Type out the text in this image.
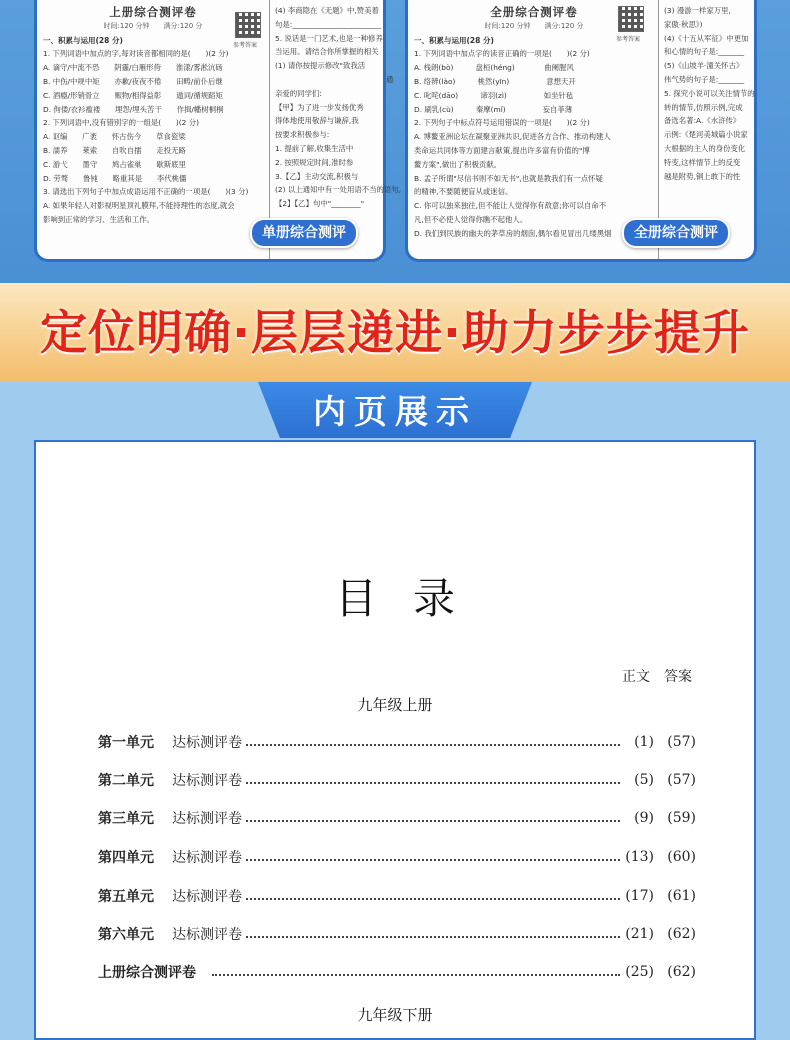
上册综合测评卷
时间:120 分钟　　满分:120 分
一、积累与运用(28 分)
1. 下列词语中加点的字,每对读音都相同的是(　　)(2 分)
A. 谪守/中流不恐　　阴霾/白雁形侉　　淮漾/雾淞沆砀
B. 中伤/中规中矩　　亦歉/夜夜不倦　　田畴/前仆后继
C. 酒瘾/形销骨立　　赈物/相得益彰　　遁词/循规蹈矩
D. 佝偻/衣衫褴褛　　埋怨/埋头苦干　　作揖/幡树桐桐
2. 下列词语中,没有错别字的一组是(　　)(2 分)
A. 讴编　　广袤　　怀古伤今　　草食瓷梁
B. 濡养　　莱索　　自吹自擂　　走投无路
C. 游弋　　墨守　　鸠占雀巢　　歇斯底里
D. 劳骛　　鲁钝　　略重其是　　李代桃僵
3. 请选出下列句子中加点成语运用不正确的一项是(　　)(3 分)
A. 如果年轻人对影视明星顶礼膜拜,不能持理性的态度,就会
影响到正常的学习、生活和工作。
参考答案
(4) 李商隐在《无题》中,赞美着
句是:________________________
5. 说话是一门艺术,也是一种修养
当运用。请结合你所掌握的相关
(1) 请你按提示修改"致我活
　　　　　　　　　　　　　　　通
亲爱的同学们:
【甲】为了进一步发扬优秀
得体地使用敬辞与谦辞,我
按要求积极参与:
1. 提前了解,收集生活中
2. 按照规定时间,准时参
3.【乙】主动交流,积极与
(2) 以上通知中有一处用语不当的语句,
【2】【乙】句中"________"
单册综合测评
全册综合测评卷
时间:120 分钟　　满分:120 分
一、积累与运用(28 分)
1. 下列词语中加点字的读音正确的一项是(　　)(2 分)
A. 栈朗(bò)　　　盘桓(héng)　　　　曲阑腥风
B. 络辨(lào)　　　桃然(yīn)　　　　　意想天开
C. 叱咤(dāo)　　　谛羽(zì)　　　　　如坐针毡
D. 刷乳(cù)　　　秦摩(mǐ)　　　　　妄自菲薄
2. 下列句子中标点符号运用错误的一项是(　　)(2 分)
A. 博鳌亚洲论坛在凝聚亚洲共识,促进各方合作、推动构建人
类命运共同体等方面建言献策,提出许多富有价值的"博
鳌方案",做出了积极贡献。
B. 孟子所谓"尽信书则不如无书",也就是教我们有一点怀疑
的精神,不要随便盲从或迷信。
C. 你可以独来独往,但不能让人觉得你有敌意;你可以自命不
凡,但不必使人觉得你瞧不起他人。
D. 我们到民族的幽夫的茅草房的烟囱,偶尔看见冒出几缕黑烟
参考答案
(3) 漫游一样家万里,
家傲·秋思》)
(4)《十五从军征》中更加
和心情的句子是:_______
(5)《山坡羊·潼关怀古》
伟气势的句子是:_______
5. 探究小说可以关注情节的
转的情节,仿照示例,完成
备选名著:A.《水浒传》
示例:《楚河美城篇小说家
大根据的主人的身份变化
特变,这样情节上的反变
越是附势,铜上敢下的性
全册综合测评
定位明确·层层递进·助力步步提升
内页展示
目录
正文 答案
九年级上册
第一单元 达标测评卷	(1) (57)
第二单元 达标测评卷	(5) (57)
第三单元 达标测评卷	(9) (59)
第四单元 达标测评卷	(13) (60)
第五单元 达标测评卷	(17) (61)
第六单元 达标测评卷	(21) (62)
上册综合测评卷	(25) (62)
九年级下册
